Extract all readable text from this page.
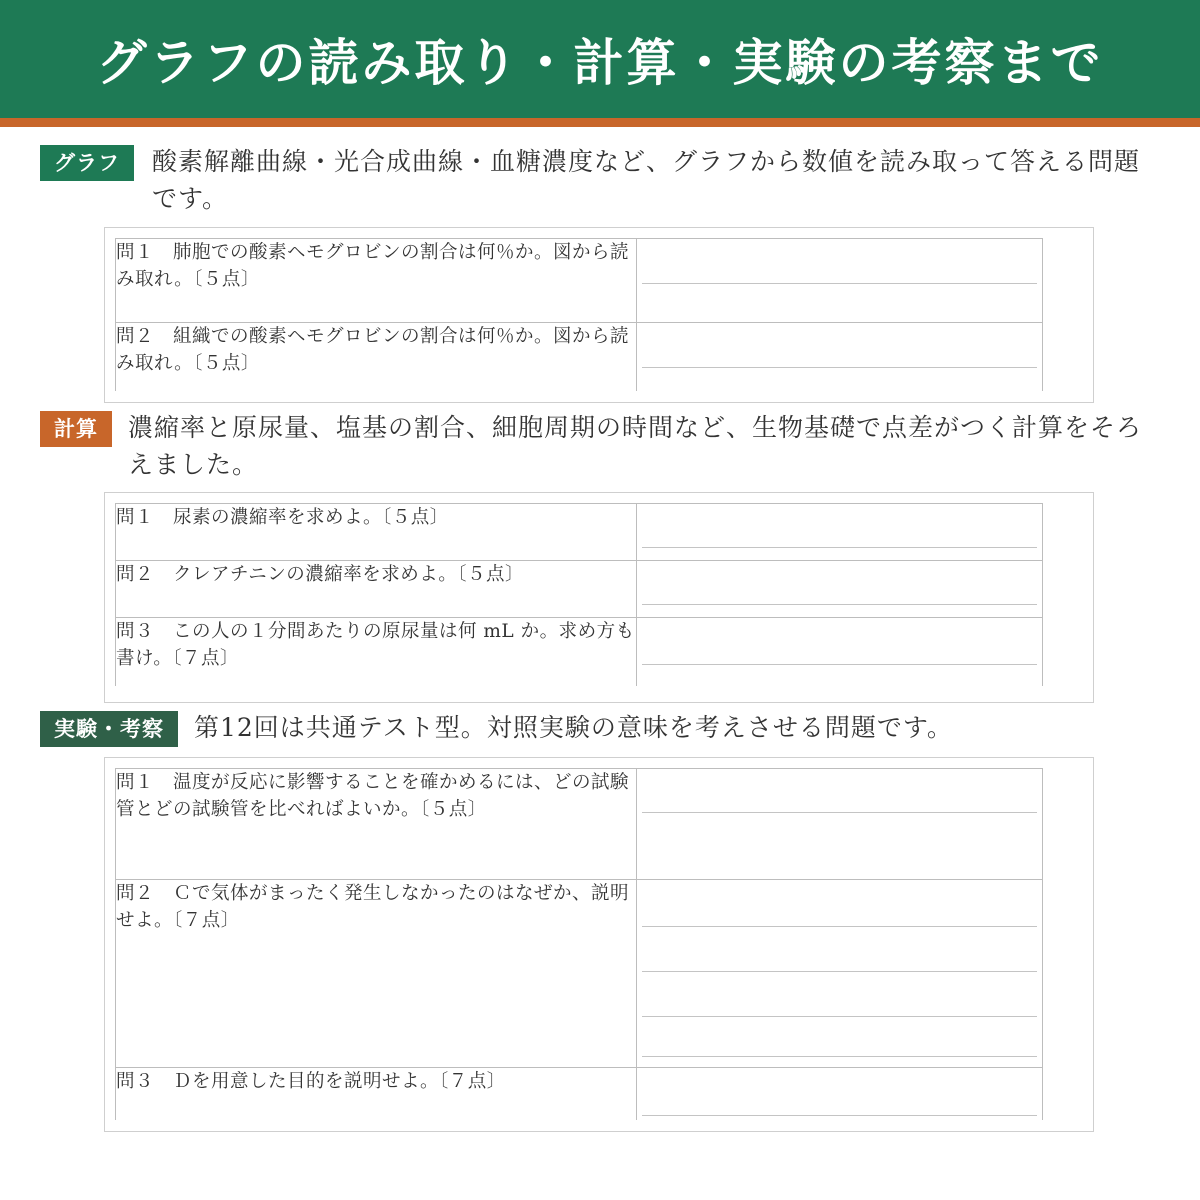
グラフの読み取り・計算・実験の考察まで
グラフ	酸素解離曲線・光合成曲線・血糖濃度など、グラフから数値を読み取って答える問題です。
問１　肺胞での酸素ヘモグロビンの割合は何％か。図から読み取れ。〔５点〕	

問２　組織での酸素ヘモグロビンの割合は何％か。図から読み取れ。〔５点〕	
計算	濃縮率と原尿量、塩基の割合、細胞周期の時間など、生物基礎で点差がつく計算をそろえました。
問１　尿素の濃縮率を求めよ。〔５点〕	

問２　クレアチニンの濃縮率を求めよ。〔５点〕	

問３　この人の１分間あたりの原尿量は何 mL か。求め方も書け。〔７点〕	
実験・考察	第12回は共通テスト型。対照実験の意味を考えさせる問題です。
問１　温度が反応に影響することを確かめるには、どの試験管とどの試験管を比べればよいか。〔５点〕	

問２　Ｃで気体がまったく発生しなかったのはなぜか、説明せよ。〔７点〕	

問３　Ｄを用意した目的を説明せよ。〔７点〕	
